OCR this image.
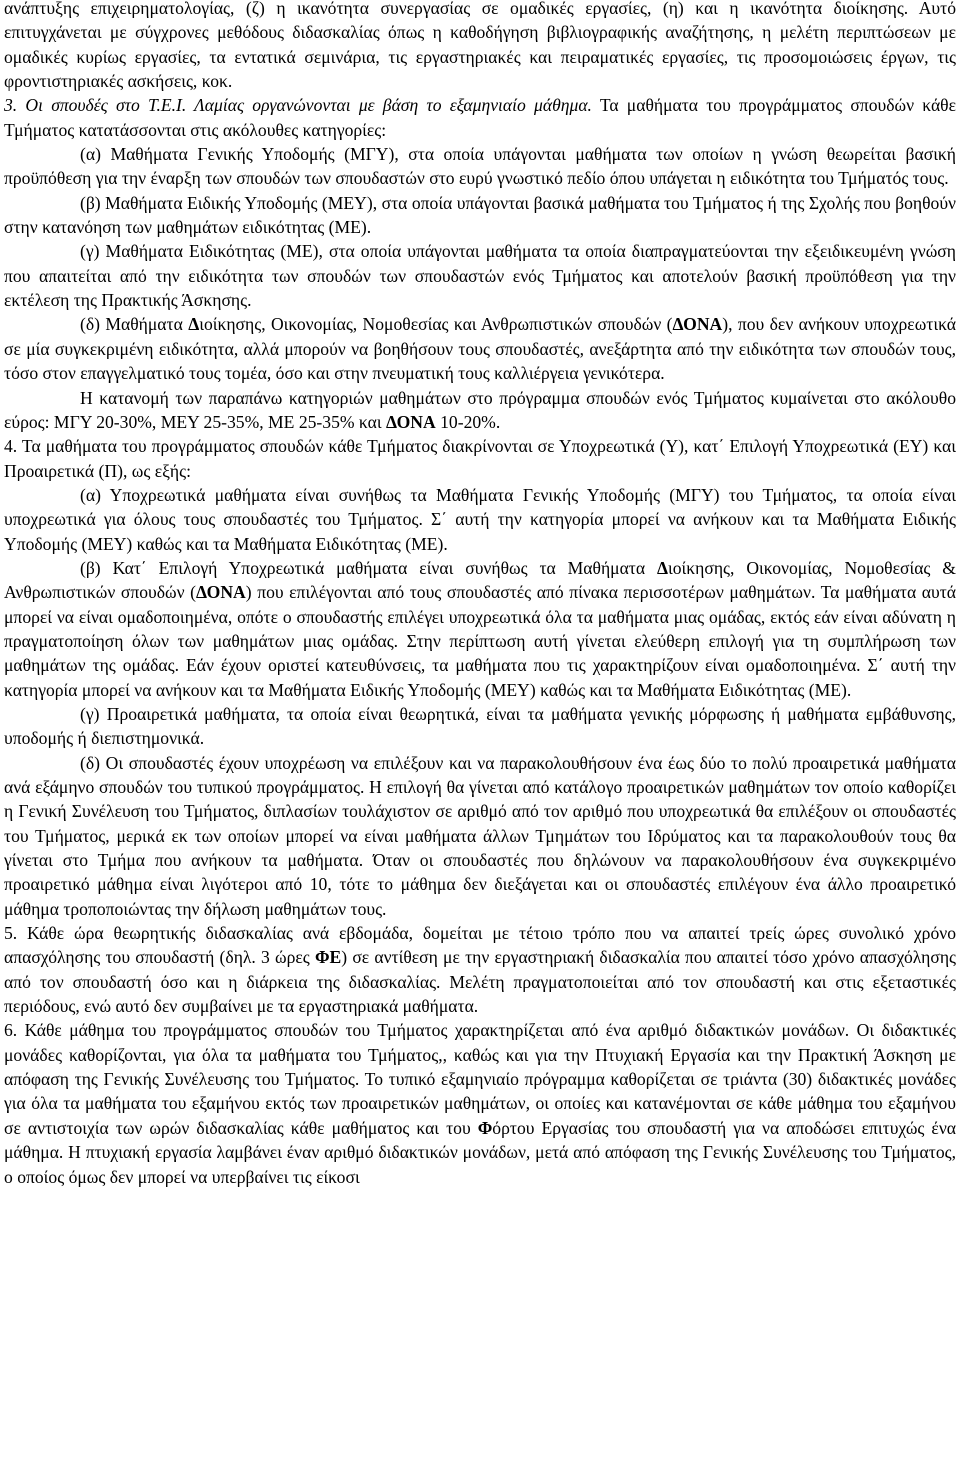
ανάπτυξης επιχειρηματολογίας, (ζ) η ικανότητα συνεργασίας σε ομαδικές εργασίες, (η) και η ικανότητα διοίκησης. Αυτό επιτυγχάνεται με σύγχρονες μεθόδους διδασκαλίας όπως η καθοδήγηση βιβλιογραφικής αναζήτησης, η μελέτη περιπτώσεων με ομαδικές κυρίως εργασίες, τα εντατικά σεμινάρια, τις εργαστηριακές και πειραματικές εργασίες, τις προσομοιώσεις έργων, τις φροντιστηριακές ασκήσεις, κοκ.

3. Οι σπουδές στο Τ.Ε.Ι. Λαμίας οργανώνονται με βάση το εξαμηνιαίο μάθημα. Τα μαθήματα του προγράμματος σπουδών κάθε Τμήματος κατατάσσονται στις ακόλουθες κατηγορίες:

(α) Μαθήματα Γενικής Υποδομής (ΜΓΥ), στα οποία υπάγονται μαθήματα των οποίων η γνώση θεωρείται βασική προϋπόθεση για την έναρξη των σπουδών των σπουδαστών στο ευρύ γνωστικό πεδίο όπου υπάγεται η ειδικότητα του Τμήματός τους.

(β) Μαθήματα Ειδικής Υποδομής (ΜΕΥ), στα οποία υπάγονται βασικά μαθήματα του Τμήματος ή της Σχολής που βοηθούν στην κατανόηση των μαθημάτων ειδικότητας (ΜΕ).

(γ) Μαθήματα Ειδικότητας (ΜΕ), στα οποία υπάγονται μαθήματα τα οποία διαπραγματεύονται την εξειδικευμένη γνώση που απαιτείται από την ειδικότητα των σπουδών των σπουδαστών ενός Τμήματος και αποτελούν βασική προϋπόθεση για την εκτέλεση της Πρακτικής Άσκησης.

(δ) Μαθήματα Διοίκησης, Οικονομίας, Νομοθεσίας και Ανθρωπιστικών σπουδών (ΔΟΝΑ), που δεν ανήκουν υποχρεωτικά σε μία συγκεκριμένη ειδικότητα, αλλά μπορούν να βοηθήσουν τους σπουδαστές, ανεξάρτητα από την ειδικότητα των σπουδών τους, τόσο στον επαγγελματικό τους τομέα, όσο και στην πνευματική τους καλλιέργεια γενικότερα.

Η κατανομή των παραπάνω κατηγοριών μαθημάτων στο πρόγραμμα σπουδών ενός Τμήματος κυμαίνεται στο ακόλουθο εύρος: ΜΓΥ 20-30%, ΜΕΥ 25-35%, ΜΕ 25-35% και ΔΟΝΑ 10-20%.

4. Τα μαθήματα του προγράμματος σπουδών κάθε Τμήματος διακρίνονται σε Υποχρεωτικά (Υ), κατ΄ Επιλογή Υποχρεωτικά (ΕΥ) και Προαιρετικά (Π), ως εξής:

(α) Υποχρεωτικά μαθήματα είναι συνήθως τα Μαθήματα Γενικής Υποδομής (ΜΓΥ) του Τμήματος, τα οποία είναι υποχρεωτικά για όλους τους σπουδαστές του Τμήματος. Σ΄ αυτή την κατηγορία μπορεί να ανήκουν και τα Μαθήματα Ειδικής Υποδομής (ΜΕΥ) καθώς και τα Μαθήματα Ειδικότητας (ΜΕ).

(β) Κατ΄ Επιλογή Υποχρεωτικά μαθήματα είναι συνήθως τα Μαθήματα Διοίκησης, Οικονομίας, Νομοθεσίας & Ανθρωπιστικών σπουδών (ΔΟΝΑ) που επιλέγονται από τους σπουδαστές από πίνακα περισσοτέρων μαθημάτων. Τα μαθήματα αυτά μπορεί να είναι ομαδοποιημένα, οπότε ο σπουδαστής επιλέγει υποχρεωτικά όλα τα μαθήματα μιας ομάδας, εκτός εάν είναι αδύνατη η πραγματοποίηση όλων των μαθημάτων μιας ομάδας. Στην περίπτωση αυτή γίνεται ελεύθερη επιλογή για τη συμπλήρωση των μαθημάτων της ομάδας. Εάν έχουν οριστεί κατευθύνσεις, τα μαθήματα που τις χαρακτηρίζουν είναι ομαδοποιημένα. Σ΄ αυτή την κατηγορία μπορεί να ανήκουν και τα Μαθήματα Ειδικής Υποδομής (ΜΕΥ) καθώς και τα Μαθήματα Ειδικότητας (ΜΕ).

(γ) Προαιρετικά μαθήματα, τα οποία είναι θεωρητικά, είναι τα μαθήματα γενικής μόρφωσης ή μαθήματα εμβάθυνσης, υποδομής ή διεπιστημονικά.

(δ) Οι σπουδαστές έχουν υποχρέωση να επιλέξουν και να παρακολουθήσουν ένα έως δύο το πολύ προαιρετικά μαθήματα ανά εξάμηνο σπουδών του τυπικού προγράμματος. Η επιλογή θα γίνεται από κατάλογο προαιρετικών μαθημάτων τον οποίο καθορίζει η Γενική Συνέλευση του Τμήματος, διπλασίων τουλάχιστον σε αριθμό από τον αριθμό που υποχρεωτικά θα επιλέξουν οι σπουδαστές του Τμήματος, μερικά εκ των οποίων μπορεί να είναι μαθήματα άλλων Τμημάτων του Ιδρύματος και τα παρακολουθούν τους θα γίνεται στο Τμήμα που ανήκουν τα μαθήματα. Όταν οι σπουδαστές που δηλώνουν να παρακολουθήσουν ένα συγκεκριμένο προαιρετικό μάθημα είναι λιγότεροι από 10, τότε το μάθημα δεν διεξάγεται και οι σπουδαστές επιλέγουν ένα άλλο προαιρετικό μάθημα τροποποιώντας την δήλωση μαθημάτων τους.

5. Κάθε ώρα θεωρητικής διδασκαλίας ανά εβδομάδα, δομείται με τέτοιο τρόπο που να απαιτεί τρείς ώρες συνολικό χρόνο απασχόλησης του σπουδαστή (δηλ. 3 ώρες ΦΕ) σε αντίθεση με την εργαστηριακή διδασκαλία που απαιτεί τόσο χρόνο απασχόλησης από τον σπουδαστή όσο και η διάρκεια της διδασκαλίας. Μελέτη πραγματοποιείται από τον σπουδαστή και στις εξεταστικές περιόδους, ενώ αυτό δεν συμβαίνει με τα εργαστηριακά μαθήματα.

6. Κάθε μάθημα του προγράμματος σπουδών του Τμήματος χαρακτηρίζεται από ένα αριθμό διδακτικών μονάδων. Οι διδακτικές μονάδες καθορίζονται, για όλα τα μαθήματα του Τμήματος,, καθώς και για την Πτυχιακή Εργασία και την Πρακτική Άσκηση με απόφαση της Γενικής Συνέλευσης του Τμήματος. Το τυπικό εξαμηνιαίο πρόγραμμα καθορίζεται σε τριάντα (30) διδακτικές μονάδες για όλα τα μαθήματα του εξαμήνου εκτός των προαιρετικών μαθημάτων, οι οποίες και κατανέμονται σε κάθε μάθημα του εξαμήνου σε αντιστοιχία των ωρών διδασκαλίας κάθε μαθήματος και του Φόρτου Εργασίας του σπουδαστή για να αποδώσει επιτυχώς ένα μάθημα. Η πτυχιακή εργασία λαμβάνει έναν αριθμό διδακτικών μονάδων, μετά από απόφαση της Γενικής Συνέλευσης του Τμήματος, ο οποίος όμως δεν μπορεί να υπερβαίνει τις είκοσι
